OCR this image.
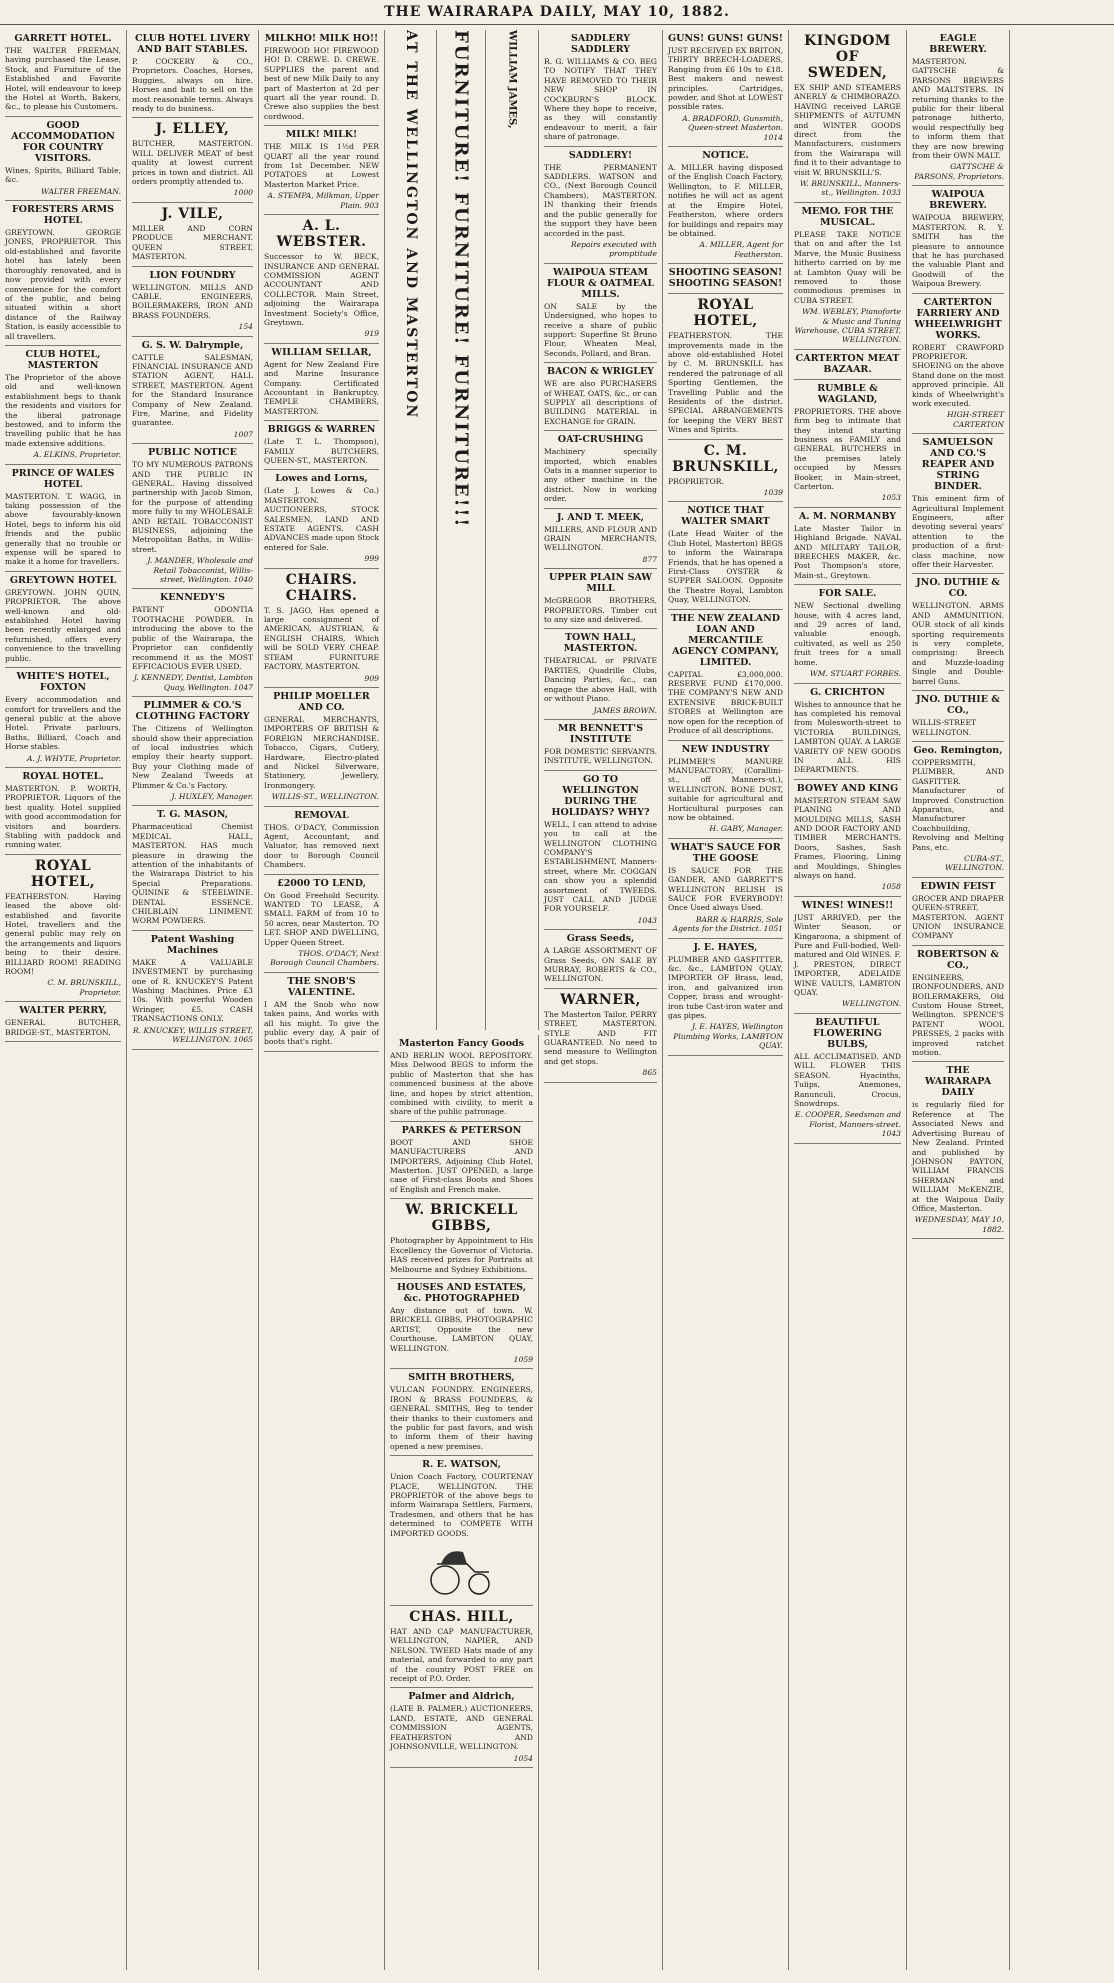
THE WAIRARAPA DAILY, MAY 10, 1882.
GARRETT HOTEL.
THE WALTER FREEMAN, having purchased the Lease, Stock, and Furniture of the Established and Favorite Hotel, will endeavour to keep the Hotel at Worth, Bakers, &c., to please his Customers.
GOOD ACCOMMODATION FOR COUNTRY VISITORS.
Wines, Spirits, Billiard Table, &c.
WALTER FREEMAN.
FORESTERS ARMS HOTEL
GREYTOWN. GEORGE JONES, PROPRIETOR. This old-established and favorite hotel has lately been thoroughly renovated, and is now provided with every convenience for the comfort of the public, and being situated within a short distance of the Railway Station, is easily accessible to all travellers.
CLUB HOTEL, MASTERTON
The Proprietor of the above old and well-known establishment begs to thank the residents and visitors for the liberal patronage bestowed, and to inform the travelling public that he has made extensive additions.
A. ELKINS, Proprietor.
PRINCE OF WALES HOTEL
MASTERTON. T. WAGG, in taking possession of the above favourably-known Hotel, begs to inform his old friends and the public generally that no trouble or expense will be spared to make it a home for travellers.
GREYTOWN HOTEL
GREYTOWN. JOHN QUIN, PROPRIETOR. The above well-known and old-established Hotel having been recently enlarged and refurnished, offers every convenience to the travelling public.
WHITE'S HOTEL, FOXTON
Every accommodation and comfort for travellers and the general public at the above Hotel. Private parlours, Baths, Billiard, Coach and Horse stables.
A. J. WHYTE, Proprietor.
ROYAL HOTEL.
MASTERTON. P. WORTH, PROPRIETOR. Liquors of the best quality. Hotel supplied with good accommodation for visitors and boarders. Stabling with paddock and running water.
ROYAL HOTEL,
FEATHERSTON. Having leased the above old-established and favorite Hotel, travellers and the general public may rely on the arrangements and liquors being to their desire. BILLIARD ROOM! READING ROOM!
C. M. BRUNSKILL, Proprietor.
WALTER PERRY,
GENERAL BUTCHER, BRIDGE-ST., MASTERTON.
CLUB HOTEL LIVERY AND BAIT STABLES.
P. COCKERY & CO., Proprietors. Coaches, Horses, Buggies, always on hire. Horses and bait to sell on the most reasonable terms. Always ready to do business.
J. ELLEY,
BUTCHER, MASTERTON. WILL DELIVER MEAT of best quality at lowest current prices in town and district. All orders promptly attended to.
1000
J. VILE,
MILLER AND CORN PRODUCE MERCHANT. QUEEN STREET, MASTERTON.
LION FOUNDRY
WELLINGTON. MILLS AND CABLE. ENGINEERS, BOILERMAKERS, IRON AND BRASS FOUNDERS.
154
G. S. W. Dalrymple,
CATTLE SALESMAN, FINANCIAL INSURANCE AND STATION AGENT, HALL STREET, MASTERTON. Agent for the Standard Insurance Company of New Zealand. Fire, Marine, and Fidelity guarantee.
1007
PUBLIC NOTICE
TO MY NUMEROUS PATRONS AND THE PUBLIC IN GENERAL. Having dissolved partnership with Jacob Simon, for the purpose of attending more fully to my WHOLESALE AND RETAIL TOBACCONIST BUSINESS, adjoining the Metropolitan Baths, in Willis-street.
J. MANDER, Wholesale and Retail Tobacconist, Willis-street, Wellington. 1040
KENNEDY'S
PATENT ODONTIA TOOTHACHE POWDER. In introducing the above to the public of the Wairarapa, the Proprietor can confidently recommend it as the MOST EFFICACIOUS EVER USED.
J. KENNEDY, Dentist, Lambton Quay, Wellington. 1047
PLIMMER & CO.'S CLOTHING FACTORY
The Citizens of Wellington should show their appreciation of local industries which employ their hearty support. Buy your Clothing made of New Zealand Tweeds at Plimmer & Co.'s Factory.
J. HUXLEY, Manager.
T. G. MASON,
Pharmaceutical Chemist MEDICAL HALL, MASTERTON. HAS much pleasure in drawing the attention of the inhabitants of the Wairarapa District to his Special Preparations. QUININE & STEELWINE. DENTAL ESSENCE. CHILBLAIN LINIMENT. WORM POWDERS.
Patent Washing Machines
MAKE A VALUABLE INVESTMENT by purchasing one of R. KNUCKEY'S Patent Washing Machines. Price £3 10s. With powerful Wooden Wringer, £5. CASH TRANSACTIONS ONLY.
R. KNUCKEY, WILLIS STREET, WELLINGTON. 1065
MILKHO! MILK HO!!
FIREWOOD HO! FIREWOOD HO! D. CREWE. D. CREWE. SUPPLIES the parent and best of new Milk Daily to any part of Masterton at 2d per quart all the year round. D. Crewe also supplies the best cordwood.
MILK! MILK!
THE MILK IS 1½d PER QUART all the year round from 1st December. NEW POTATOES at Lowest Masterton Market Price.
A. STEMPA, Milkman, Upper Plain. 903
A. L. WEBSTER.
Successor to W. BECK, INSURANCE AND GENERAL COMMISSION AGENT ACCOUNTANT AND COLLECTOR. Main Street, adjoining the Wairarapa Investment Society's Office, Greytown.
919
WILLIAM SELLAR,
Agent for New Zealand Fire and Marine Insurance Company. Certificated Accountant in Bankruptcy. TEMPLE CHAMBERS, MASTERTON.
BRIGGS & WARREN
(Late T. L. Thompson), FAMILY BUTCHERS, QUEEN-ST., MASTERTON.
Lowes and Lorns,
(Late J. Lowes & Co.) MASTERTON. AUCTIONEERS, STOCK SALESMEN, LAND AND ESTATE AGENTS. CASH ADVANCES made upon Stock entered for Sale.
999
CHAIRS. CHAIRS.
T. S. JAGO, Has opened a large consignment of AMERICAN, AUSTRIAN, & ENGLISH CHAIRS, Which will be SOLD VERY CHEAP. STEAM FURNITURE FACTORY, MASTERTON.
909
PHILIP MOELLER AND CO.
GENERAL MERCHANTS, IMPORTERS OF BRITISH & FOREIGN MERCHANDISE. Tobacco, Cigars, Cutlery, Hardware, Electro-plated and Nickel Silverware, Stationery, Jewellery, Ironmongery.
WILLIS-ST., WELLINGTON.
REMOVAL
THOS. O'DACY, Commission Agent, Accountant, and Valuator, has removed next door to Borough Council Chambers.
£2000 TO LEND,
On Good Freehold Security. WANTED TO LEASE, A SMALL FARM of from 10 to 50 acres, near Masterton. TO LET. SHOP AND DWELLING, Upper Queen Street.
THOS. O'DACY, Next Borough Council Chambers.
THE SNOB'S VALENTINE.
I AM the Snob who now takes pains, And works with all his might. To give the public every day, A pair of boots that's right.
AT THE WELLINGTON AND MASTERTON FURNITURE! FURNITURE! FURNITURE!!!	WILLIAM JAMES,
Masterton Fancy Goods
AND BERLIN WOOL REPOSITORY. Miss Delwood BEGS to inform the public of Masterton that she has commenced business at the above line, and hopes by strict attention, combined with civility, to merit a share of the public patronage.
PARKES & PETERSON
BOOT AND SHOE MANUFACTURERS AND IMPORTERS, Adjoining Club Hotel, Masterton. JUST OPENED, a large case of First-class Boots and Shoes of English and French make.
W. BRICKELL GIBBS,
Photographer by Appointment to His Excellency the Governor of Victoria. HAS received prizes for Portraits at Melbourne and Sydney Exhibitions.
HOUSES AND ESTATES, &c. PHOTOGRAPHED
Any distance out of town. W. BRICKELL GIBBS, PHOTOGRAPHIC ARTIST, Opposite the new Courthouse, LAMBTON QUAY, WELLINGTON.
1059
SMITH BROTHERS,
VULCAN FOUNDRY. ENGINEERS, IRON & BRASS FOUNDERS, & GENERAL SMITHS, Beg to tender their thanks to their customers and the public for past favors, and wish to inform them of their having opened a new premises.
R. E. WATSON,
Union Coach Factory, COURTENAY PLACE, WELLINGTON. THE PROPRIETOR of the above begs to inform Wairarapa Settlers, Farmers, Tradesmen, and others that he has determined to COMPETE WITH IMPORTED GOODS.
CHAS. HILL,
HAT AND CAP MANUFACTURER, WELLINGTON, NAPIER, AND NELSON. TWEED Hats made of any material, and forwarded to any part of the country POST FREE on receipt of P.O. Order.
Palmer and Aldrich,
(LATE B. PALMER.) AUCTIONEERS, LAND, ESTATE, AND GENERAL COMMISSION AGENTS, FEATHERSTON AND JOHNSONVILLE, WELLINGTON.
1054
SADDLERY SADDLERY
R. G. WILLIAMS & CO. BEG TO NOTIFY THAT THEY HAVE REMOVED TO THEIR NEW SHOP IN COCKBURN'S BLOCK. Where they hope to receive, as they will constantly endeavour to merit, a fair share of patronage.
SADDLERY!
THE PERMANENT SADDLERS. WATSON and CO., (Next Borough Council Chambers), MASTERTON. IN thanking their friends and the public generally for the support they have been accorded in the past.
Repairs executed with promptitude
WAIPOUA STEAM FLOUR & OATMEAL MILLS.
ON SALE by the Undersigned, who hopes to receive a share of public support: Superfine St Bruno Flour, Wheaten Meal, Seconds, Pollard, and Bran.
BACON & WRIGLEY
WE are also PURCHASERS of WHEAT, OATS, &c., or can SUPPLY all descriptions of BUILDING MATERIAL in EXCHANGE for GRAIN.
OAT-CRUSHING
Machinery specially imported, which enables Oats in a manner superior to any other machine in the district. Now in working order.
J. AND T. MEEK,
MILLERS, AND FLOUR AND GRAIN MERCHANTS, WELLINGTON.
877
UPPER PLAIN SAW MILL
McGREGOR BROTHERS, PROPRIETORS. Timber cut to any size and delivered.
TOWN HALL, MASTERTON.
THEATRICAL or PRIVATE PARTIES, Quadrille Clubs, Dancing Parties, &c., can engage the above Hall, with or without Piano.
JAMES BROWN.
MR BENNETT'S INSTITUTE
FOR DOMESTIC SERVANTS. INSTITUTE, WELLINGTON.
GO TO WELLINGTON DURING THE HOLIDAYS? WHY?
WELL, I can attend to advise you to call at the WELLINGTON CLOTHING COMPANY'S ESTABLISHMENT, Manners-street, where Mr. COGGAN can show you a splendid assortment of TWEEDS. JUST CALL AND JUDGE FOR YOURSELF.
1043
Grass Seeds,
A LARGE ASSORTMENT OF Grass Seeds, ON SALE BY MURRAY, ROBERTS & CO., WELLINGTON.
WARNER,
The Masterton Tailor, PERRY STREET, MASTERTON. STYLE AND FIT GUARANTEED. No need to send measure to Wellington and get stops.
865
GUNS! GUNS! GUNS!
JUST RECEIVED EX BRITON, THIRTY BREECH-LOADERS, Ranging from £6 10s to £18. Best makers and newest principles. Cartridges, powder, and Shot at LOWEST possible rates.
A. BRADFORD, Gunsmith, Queen-street Masterton. 1014
NOTICE.
A. MILLER having disposed of the English Coach Factory, Wellington, to F. MILLER, notifies he will act as agent at the Empire Hotel, Featherston, where orders for buildings and repairs may be obtained.
A. MILLER, Agent for Featherston.
SHOOTING SEASON! SHOOTING SEASON!
ROYAL HOTEL,
FEATHERSTON. THE improvements made in the above old-established Hotel by C. M. BRUNSKILL has rendered the patronage of all Sporting Gentlemen, the Travelling Public and the Residents of the district. SPECIAL ARRANGEMENTS for keeping the VERY BEST Wines and Spirits.
C. M. BRUNSKILL,
PROPRIETOR.
1039
NOTICE THAT WALTER SMART
(Late Head Waiter of the Club Hotel, Masterton) BEGS to inform the Wairarapa Friends, that he has opened a First-Class OYSTER & SUPPER SALOON. Opposite the Theatre Royal, Lambton Quay, WELLINGTON.
THE NEW ZEALAND LOAN AND MERCANTILE AGENCY COMPANY, LIMITED.
CAPITAL £3,000,000. RESERVE FUND £170,000. THE COMPANY'S NEW AND EXTENSIVE BRICK-BUILT STORES at Wellington are now open for the reception of Produce of all descriptions.
NEW INDUSTRY
PLIMMER'S MANURE MANUFACTORY, (Corallini-st., off Manners-st.), WELLINGTON. BONE DUST, suitable for agricultural and Horticultural purposes can now be obtained.
H. GABY, Manager.
WHAT'S SAUCE FOR THE GOOSE
IS SAUCE FOR THE GANDER, AND GARRETT'S WELLINGTON RELISH IS SAUCE FOR EVERYBODY! Once Used always Used.
BARR & HARRIS, Sole Agents for the District. 1051
J. E. HAYES,
PLUMBER AND GASFITTER, &c. &c., LAMBTON QUAY, IMPORTER OF Brass, lead, iron, and galvanized iron Copper, brass and wrought-iron tube Cast-iron water and gas pipes.
J. E. HAYES, Wellington Plumbing Works, LAMBTON QUAY.
KINGDOM OF SWEDEN,
EX SHIP AND STEAMERS ANERLY & CHIMBORAZO. HAVING received LARGE SHIPMENTS of AUTUMN and WINTER GOODS direct from the Manufacturers, customers from the Wairarapa will find it to their advantage to visit W. BRUNSKILL'S.
W. BRUNSKILL, Manners-st., Wellington. 1033
MEMO. FOR THE MUSICAL.
PLEASE TAKE NOTICE that on and after the 1st Marve, the Music Business hitherto carried on by me at Lambton Quay will be removed to those commodious premises in CUBA STREET.
WM. WEBLEY, Pianoforte & Music and Tuning Warehouse, CUBA STREET, WELLINGTON.
CARTERTON MEAT BAZAAR.
RUMBLE & WAGLAND,
PROPRIETORS. THE above firm beg to intimate that they intend starting business as FAMILY and GENERAL BUTCHERS in the premises lately occupied by Messrs Booker, in Main-street, Carterton.
1053
A. M. NORMANBY
Late Master Tailor in Highland Brigade. NAVAL AND MILITARY TAILOR, BREECHES MAKER, &c. Post Thompson's store, Main-st., Greytown.
FOR SALE.
NEW Sectional dwelling house, with 4 acres land, and 29 acres of land, valuable enough, cultivated, as well as 250 fruit trees for a small home.
WM. STUART FORBES.
G. CRICHTON
Wishes to announce that he has completed his removal from Molesworth-street to VICTORIA BUILDINGS, LAMBTON QUAY. A LARGE VARIETY OF NEW GOODS IN ALL HIS DEPARTMENTS.
BOWEY AND KING
MASTERTON STEAM SAW PLANING AND MOULDING MILLS, SASH AND DOOR FACTORY AND TIMBER MERCHANTS. Doors, Sashes, Sash Frames, Flooring, Lining and Mouldings, Shingles always on hand.
1058
WINES! WINES!!
JUST ARRIVED, per the Winter Season, or Kingaroona, a shipment of Pure and Full-bodied, Well-matured and Old WINES. F. J. PRESTON, DIRECT IMPORTER, ADELAIDE WINE VAULTS, LAMBTON QUAY.
WELLINGTON.
BEAUTIFUL FLOWERING BULBS,
ALL ACCLIMATISED, AND WILL FLOWER THIS SEASON. Hyacinths, Tulips, Anemones, Ranunculi, Crocus, Snowdrops.
E. COOPER, Seedsman and Florist, Manners-street. 1043
EAGLE BREWERY.
MASTERTON. GATTSCHE & PARSONS BREWERS AND MALTSTERS. IN returning thanks to the public for their liberal patronage hitherto, would respectfully beg to inform them that they are now brewing from their OWN MALT.
GATTSCHE & PARSONS, Proprietors.
WAIPOUA BREWERY.
WAIPOUA BREWERY, MASTERTON. R. Y. SMITH has the pleasure to announce that he has purchased the valuable Plant and Goodwill of the Waipoua Brewery.
CARTERTON FARRIERY AND WHEELWRIGHT WORKS.
ROBERT CRAWFORD PROPRIETOR. SHOEING on the above Stand done on the most approved principle. All kinds of Wheelwright's work executed.
HIGH-STREET CARTERTON
SAMUELSON AND CO.'S REAPER AND STRING BINDER.
This eminent firm of Agricultural Implement Engineers, after devoting several years' attention to the production of a first-class machine, now offer their Harvester.
JNO. DUTHIE & CO.
WELLINGTON. ARMS AND AMMUNITION. OUR stock of all kinds sporting requirements is very complete, comprising: Breech and Muzzle-loading Single and Double-barrel Guns.
JNO. DUTHIE & CO.,
WILLIS-STREET WELLINGTON.
Geo. Remington,
COPPERSMITH, PLUMBER, AND GASFITTER. Manufacturer of Improved Construction Apparatus, and Manufacturer Coachbuilding, Revolving and Melting Pans, etc.
CUBA-ST., WELLINGTON.
EDWIN FEIST
GROCER AND DRAPER QUEEN-STREET, MASTERTON. AGENT UNION INSURANCE COMPANY
ROBERTSON & CO.,
ENGINEERS, IRONFOUNDERS, AND BOILERMAKERS, Old Custom House Street, Wellington. SPENCE'S PATENT WOOL PRESSES, 2 packs with improved ratchet motion.
THE WAIRARAPA DAILY
is regularly filed for Reference at The Associated News and Advertising Bureau of New Zealand. Printed and published by JOHNSON PAYTON, WILLIAM FRANCIS SHERMAN and WILLIAM McKENZIE, at the Waipoua Daily Office, Masterton.
WEDNESDAY, MAY 10, 1882.
